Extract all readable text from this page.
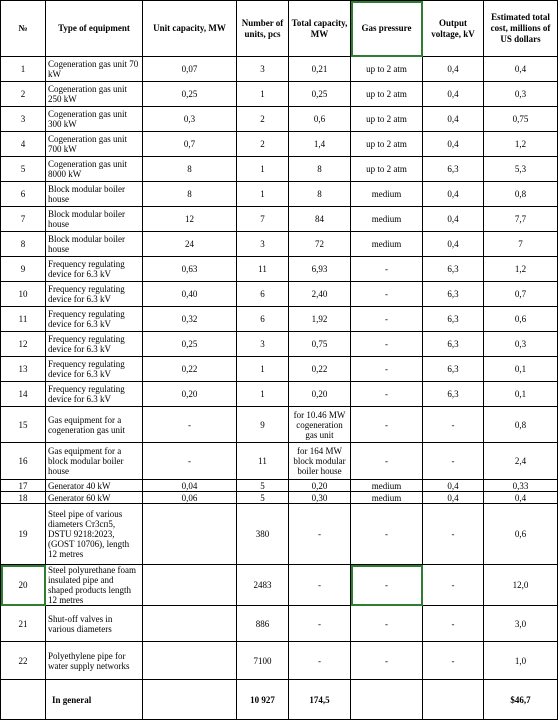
№	Type of equipment	Unit capacity, MW	Number of units, pcs	Total capacity, MW	Gas pressure	Output voltage, kV	Estimated total cost, millions of US dollars
1	Cogeneration gas unit 70 kW	0,07	3	0,21	up to 2 atm	0,4	0,4
2	Cogeneration gas unit 250 kW	0,25	1	0,25	up to 2 atm	0,4	0,3
3	Cogeneration gas unit 300 kW	0,3	2	0,6	up to 2 atm	0,4	0,75
4	Cogeneration gas unit 700 kW	0,7	2	1,4	up to 2 atm	0,4	1,2
5	Cogeneration gas unit 8000 kW	8	1	8	up to 2 atm	6,3	5,3
6	Block modular boiler house	8	1	8	medium	0,4	0,8
7	Block modular boiler house	12	7	84	medium	0,4	7,7
8	Block modular boiler house	24	3	72	medium	0,4	7
9	Frequency regulating device for 6.3 kV	0,63	11	6,93	-	6,3	1,2
10	Frequency regulating device for 6.3 kV	0,40	6	2,40	-	6,3	0,7
11	Frequency regulating device for 6.3 kV	0,32	6	1,92	-	6,3	0,6
12	Frequency regulating device for 6.3 kV	0,25	3	0,75	-	6,3	0,3
13	Frequency regulating device for 6.3 kV	0,22	1	0,22	-	6,3	0,1
14	Frequency regulating device for 6.3 kV	0,20	1	0,20	-	6,3	0,1
15	Gas equipment for a cogeneration gas unit	-	9	for 10.46 MW cogeneration gas unit	-	-	0,8
16	Gas equipment for a block modular boiler house	-	11	for 164 MW block modular boiler house	-	-	2,4
17	Generator 40 kW	0,04	5	0,20	medium	0,4	0,33
18	Generator 60 kW	0,06	5	0,30	medium	0,4	0,4
19	Steel pipe of various diameters Ст3сп5, DSTU 9218:2023, (GOST 10706), length 12 metres		380	-	-	-	0,6
20	Steel polyurethane foam insulated pipe and shaped products length 12 metres		2483	-	-	-	12,0
21	Shut-off valves in various diameters		886	-	-	-	3,0
22	Polyethylene pipe for water supply networks		7100	-	-	-	1,0
	In general		10 927	174,5			$46,7
